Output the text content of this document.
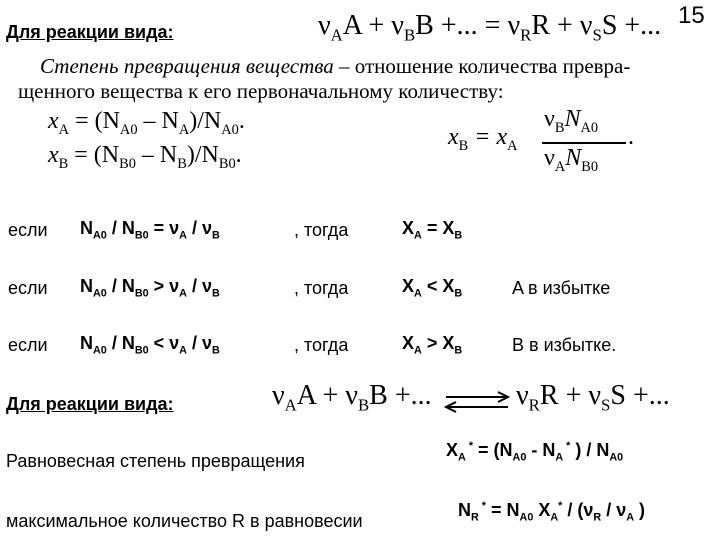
15
Для реакции вида:	$\nu_AA + \nu_BB$ +... = $\nu_RR + \nu_SS$ +...
Степень превращения вещества – отношение количества превра-
щенного вещества к его первоначальному количеству:
$x_A = (N_{A0} - N_A)/N_{A0}$.
$x_B = (N_{B0} - N_B)/N_{B0}$.
$x_B = x_A$
$\nu_BN_{A0}$
$\nu_AN_{B0}$
.
если $N_{A0} / N_{B0} = \nu_A / \nu_B$	, тогда	$X_A = X_B$
если $N_{A0} / N_{B0} > \nu_A / \nu_B$	, тогда	$X_A < X_B$	A в избытке
если $N_{A0} / N_{B0} < \nu_A / \nu_B$	, тогда	$X_A > X_B$	B в избытке.
Для реакции вида:	$\nu_AA + \nu_BB$ +...	$\nu_RR + \nu_SS$ +...
Равновесная степень превращения
$X_A$ $^* = (N_{A0} - N_A$ * ) / $N_{A0}$
максимальное количество R в равновесии
$N_R$ $^* = N_{A0}$ $X_A^* / (\nu_R / \nu_A$ )
